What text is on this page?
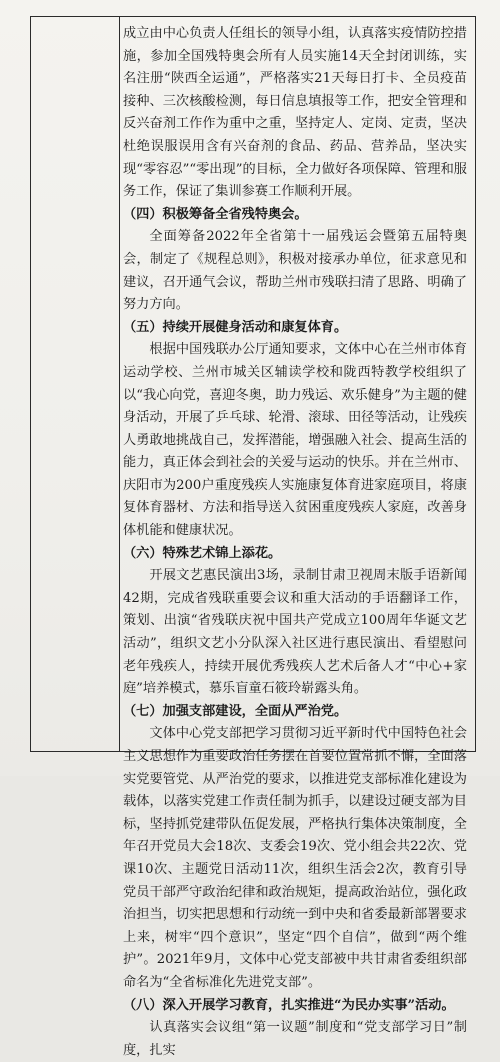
成立由中心负责人任组长的领导小组，认真落实疫情防控措施，参加全国残特奥会所有人员实施14天全封闭训练，实名注册“陕西全运通”，严格落实21天每日打卡、全员疫苗接种、三次核酸检测，每日信息填报等工作，把安全管理和反兴奋剂工作作为重中之重，坚持定人、定岗、定责，坚决杜绝误服误用含有兴奋剂的食品、药品、营养品，坚决实现“零容忍”“零出现”的目标，全力做好各项保障、管理和服务工作，保证了集训参赛工作顺利开展。

（四）积极筹备全省残特奥会。

全面筹备2022年全省第十一届残运会暨第五届特奥会，制定了《规程总则》，积极对接承办单位，征求意见和建议，召开通气会议，帮助兰州市残联扫清了思路、明确了努力方向。

（五）持续开展健身活动和康复体育。

根据中国残联办公厅通知要求，文体中心在兰州市体育运动学校、兰州市城关区辅读学校和陇西特教学校组织了以“我心向党，喜迎冬奥，助力残运、欢乐健身”为主题的健身活动，开展了乒乓球、轮滑、滚球、田径等活动，让残疾人勇敢地挑战自己，发挥潜能，增强融入社会、提高生活的能力，真正体会到社会的关爱与运动的快乐。并在兰州市、庆阳市为200户重度残疾人实施康复体育进家庭项目，将康复体育器材、方法和指导送入贫困重度残疾人家庭，改善身体机能和健康状况。

（六）特殊艺术锦上添花。

开展文艺惠民演出3场，录制甘肃卫视周末版手语新闻42期，完成省残联重要会议和重大活动的手语翻译工作，策划、出演“省残联庆祝中国共产党成立100周年华诞文艺活动”，组织文艺小分队深入社区进行惠民演出、看望慰问老年残疾人，持续开展优秀残疾人艺术后备人才“中心+家庭”培养模式，慕乐盲童石筱玲崭露头角。

（七）加强支部建设，全面从严治党。

文体中心党支部把学习贯彻习近平新时代中国特色社会主义思想作为重要政治任务摆在首要位置常抓不懈，全面落实党要管党、从严治党的要求，以推进党支部标准化建设为载体，以落实党建工作责任制为抓手，以建设过硬支部为目标，坚持抓党建带队伍促发展，严格执行集体决策制度，全年召开党员大会18次、支委会19次、党小组会共22次、党课10次、主题党日活动11次，组织生活会2次，教育引导党员干部严守政治纪律和政治规矩，提高政治站位，强化政治担当，切实把思想和行动统一到中央和省委最新部署要求上来，树牢“四个意识”，坚定“四个自信”，做到“两个维护”。2021年9月，文体中心党支部被中共甘肃省委组织部命名为“全省标准化先进党支部”。

（八）深入开展学习教育，扎实推进“为民办实事”活动。

认真落实会议组“第一议题”制度和“党支部学习日”制度，扎实
